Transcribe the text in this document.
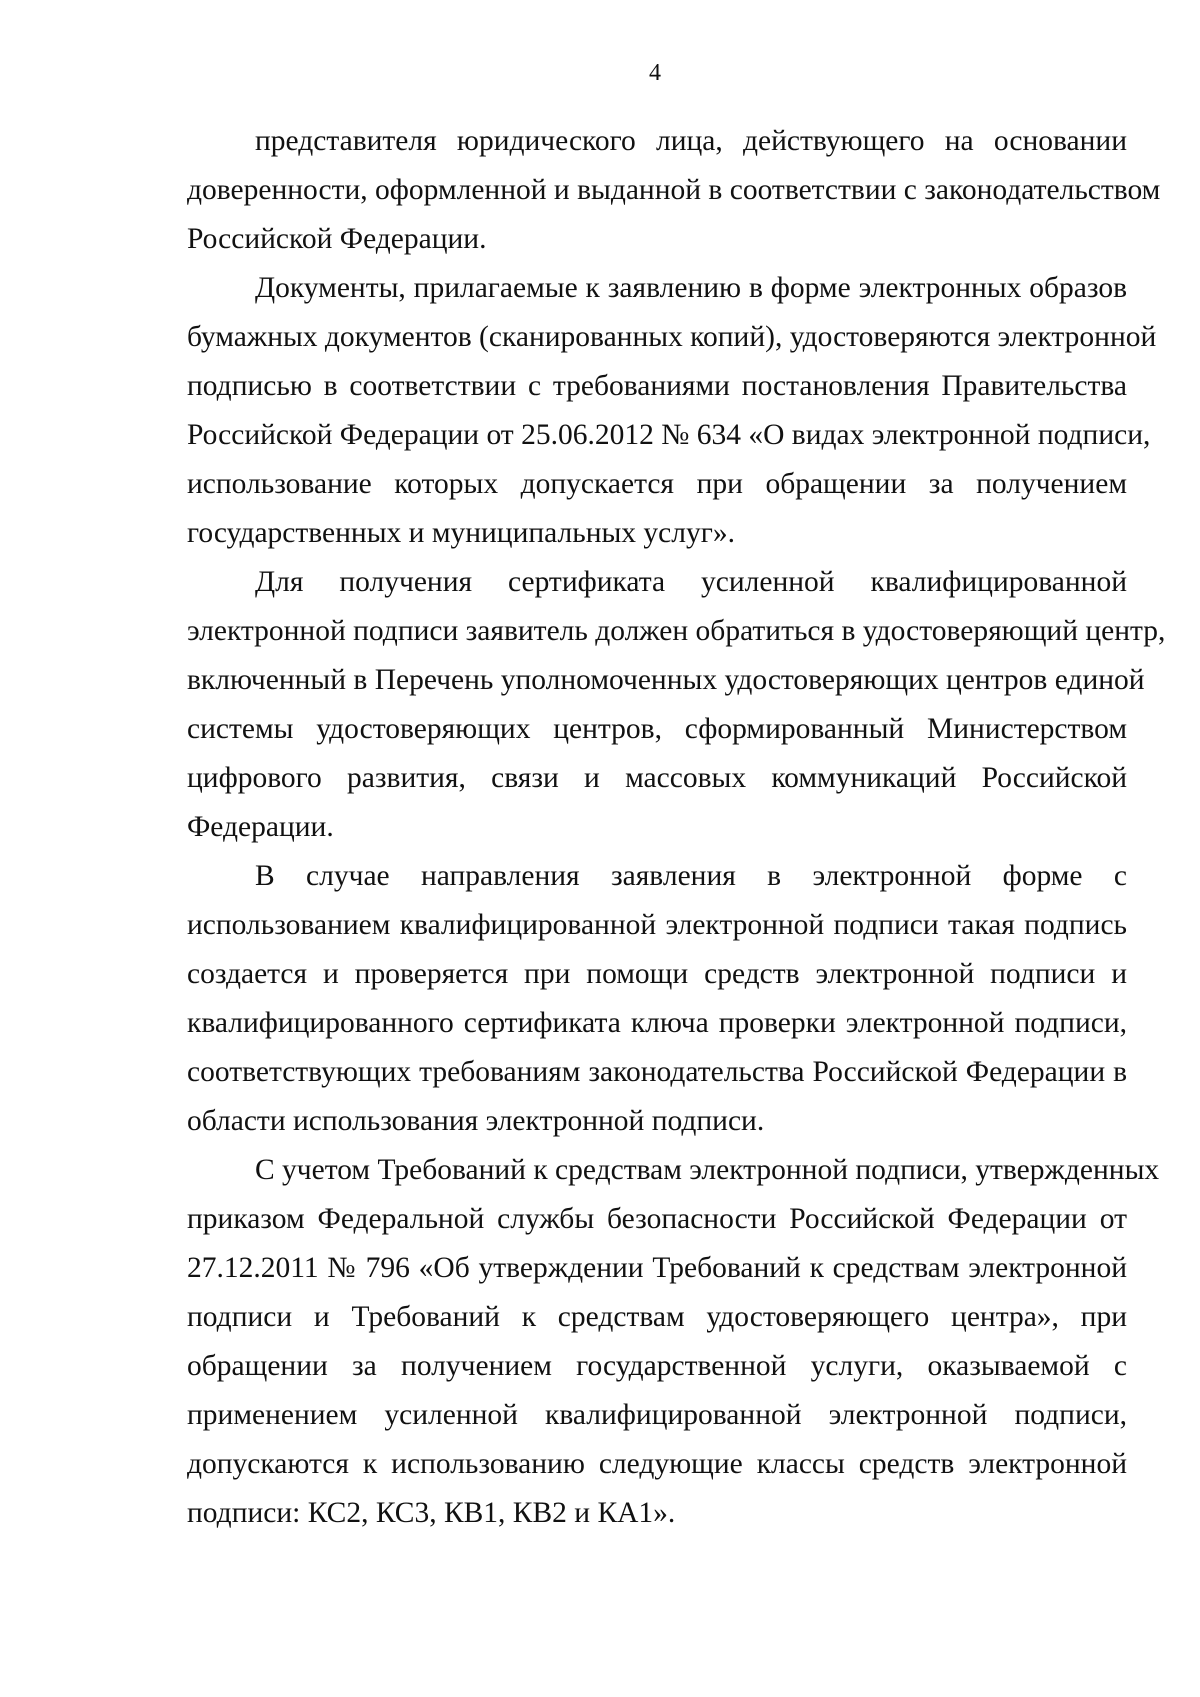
4
представителя юридического лица, действующего на основании
доверенности, оформленной и выданной в соответствии с законодательством
Российской Федерации.
Документы, прилагаемые к заявлению в форме электронных образов
бумажных документов (сканированных копий), удостоверяются электронной
подписью в соответствии с требованиями постановления Правительства
Российской Федерации от 25.06.2012 № 634 «О видах электронной подписи,
использование которых допускается при обращении за получением
государственных и муниципальных услуг».
Для получения сертификата усиленной квалифицированной
электронной подписи заявитель должен обратиться в удостоверяющий центр,
включенный в Перечень уполномоченных удостоверяющих центров единой
системы удостоверяющих центров, сформированный Министерством
цифрового развития, связи и массовых коммуникаций Российской
Федерации.
В случае направления заявления в электронной форме с
использованием квалифицированной электронной подписи такая подпись
создается и проверяется при помощи средств электронной подписи и
квалифицированного сертификата ключа проверки электронной подписи,
соответствующих требованиям законодательства Российской Федерации в
области использования электронной подписи.
С учетом Требований к средствам электронной подписи, утвержденных
приказом Федеральной службы безопасности Российской Федерации от
27.12.2011 № 796 «Об утверждении Требований к средствам электронной
подписи и Требований к средствам удостоверяющего центра», при
обращении за получением государственной услуги, оказываемой с
применением усиленной квалифицированной электронной подписи,
допускаются к использованию следующие классы средств электронной
подписи: КС2, КС3, КВ1, КВ2 и КА1».
